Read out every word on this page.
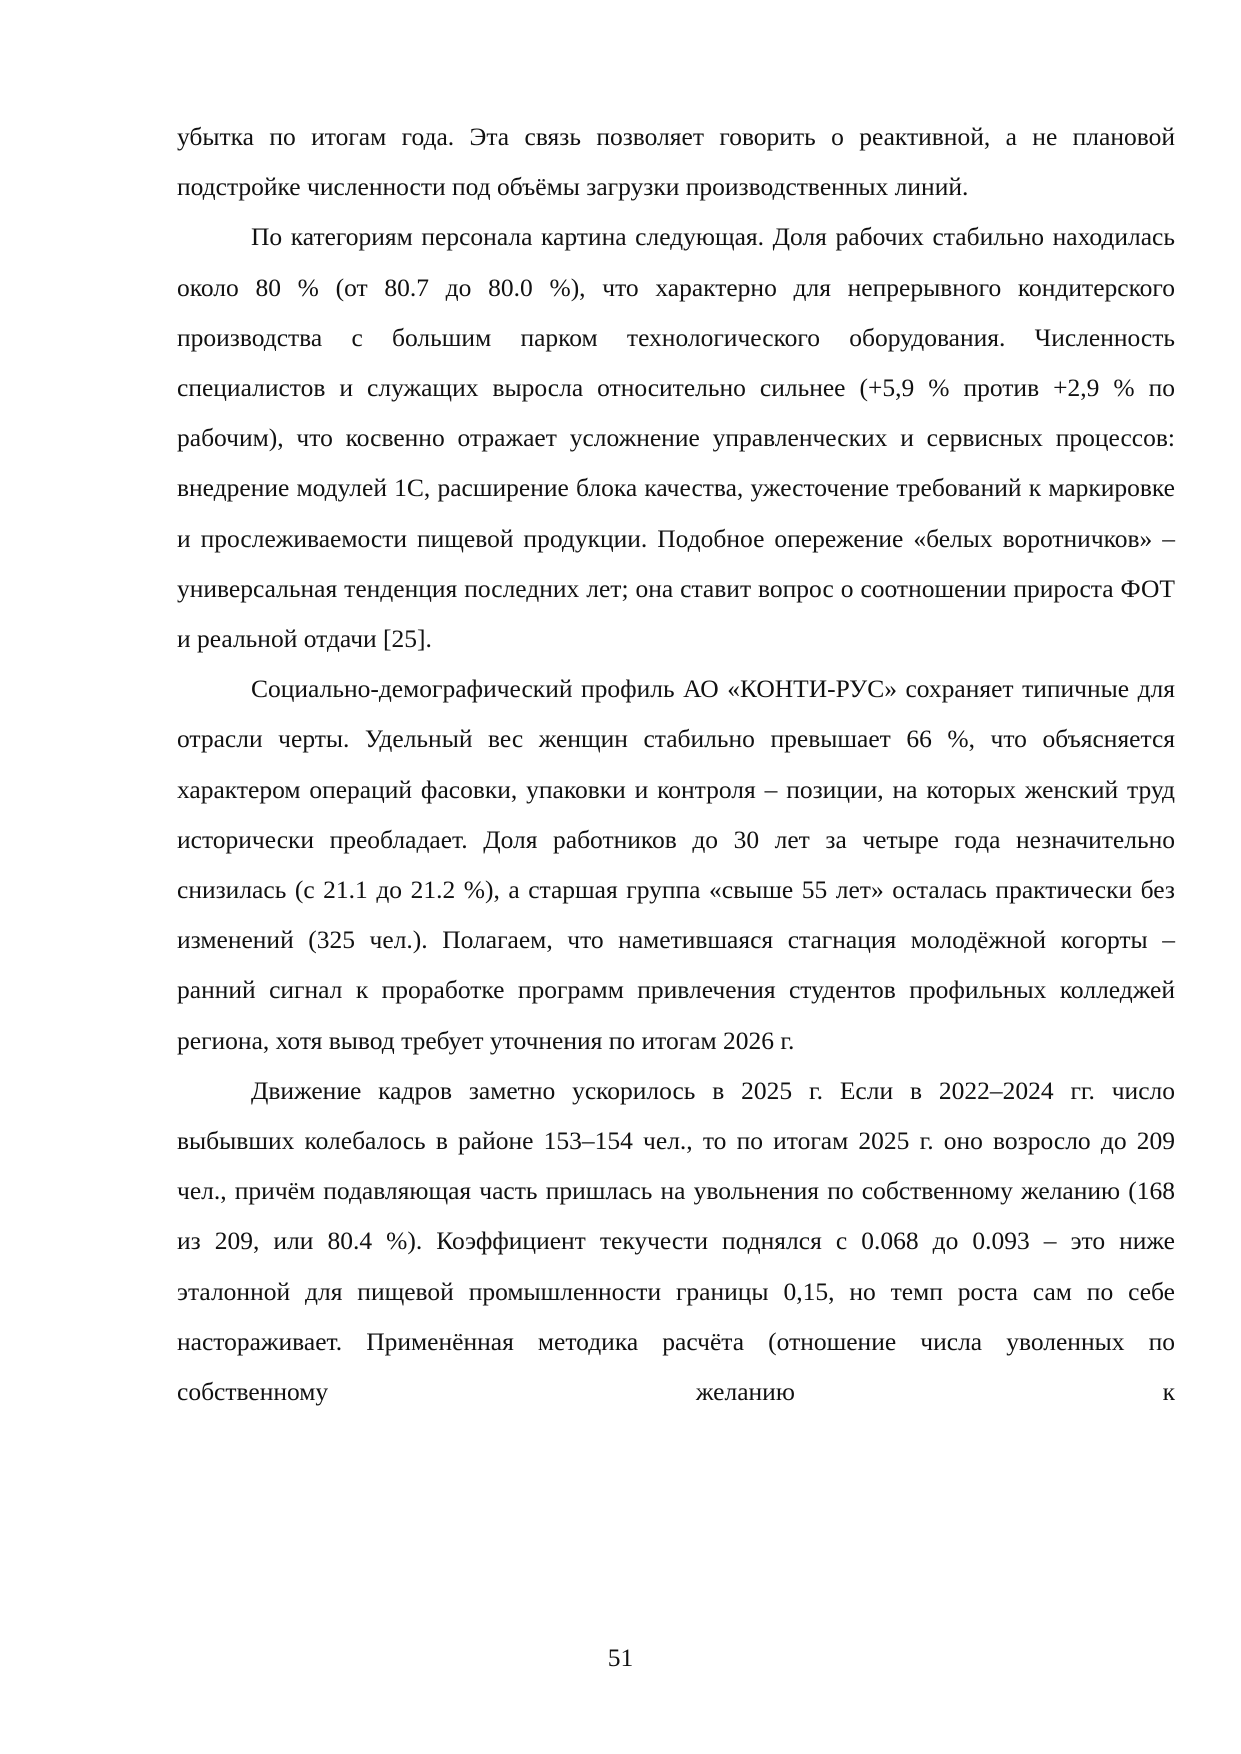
убытка по итогам года. Эта связь позволяет говорить о реактивной, а не плановой подстройке численности под объёмы загрузки производственных линий.

По категориям персонала картина следующая. Доля рабочих стабильно находилась около 80 % (от 80.7 до 80.0 %), что характерно для непрерывного кондитерского производства с большим парком технологического оборудования. Численность специалистов и служащих выросла относительно сильнее (+5,9 % против +2,9 % по рабочим), что косвенно отражает усложнение управленческих и сервисных процессов: внедрение модулей 1С, расширение блока качества, ужесточение требований к маркировке и прослеживаемости пищевой продукции. Подобное опережение «белых воротничков» – универсальная тенденция последних лет; она ставит вопрос о соотношении прироста ФОТ и реальной отдачи [25].

Социально-демографический профиль АО «КОНТИ-РУС» сохраняет типичные для отрасли черты. Удельный вес женщин стабильно превышает 66 %, что объясняется характером операций фасовки, упаковки и контроля – позиции, на которых женский труд исторически преобладает. Доля работников до 30 лет за четыре года незначительно снизилась (с 21.1 до 21.2 %), а старшая группа «свыше 55 лет» осталась практически без изменений (325 чел.). Полагаем, что наметившаяся стагнация молодёжной когорты – ранний сигнал к проработке программ привлечения студентов профильных колледжей региона, хотя вывод требует уточнения по итогам 2026 г.

Движение кадров заметно ускорилось в 2025 г. Если в 2022–2024 гг. число выбывших колебалось в районе 153–154 чел., то по итогам 2025 г. оно возросло до 209 чел., причём подавляющая часть пришлась на увольнения по собственному желанию (168 из 209, или 80.4 %). Коэффициент текучести поднялся с 0.068 до 0.093 – это ниже эталонной для пищевой промышленности границы 0,15, но темп роста сам по себе настораживает. Применённая методика расчёта (отношение числа уволенных по собственному желанию к

51
